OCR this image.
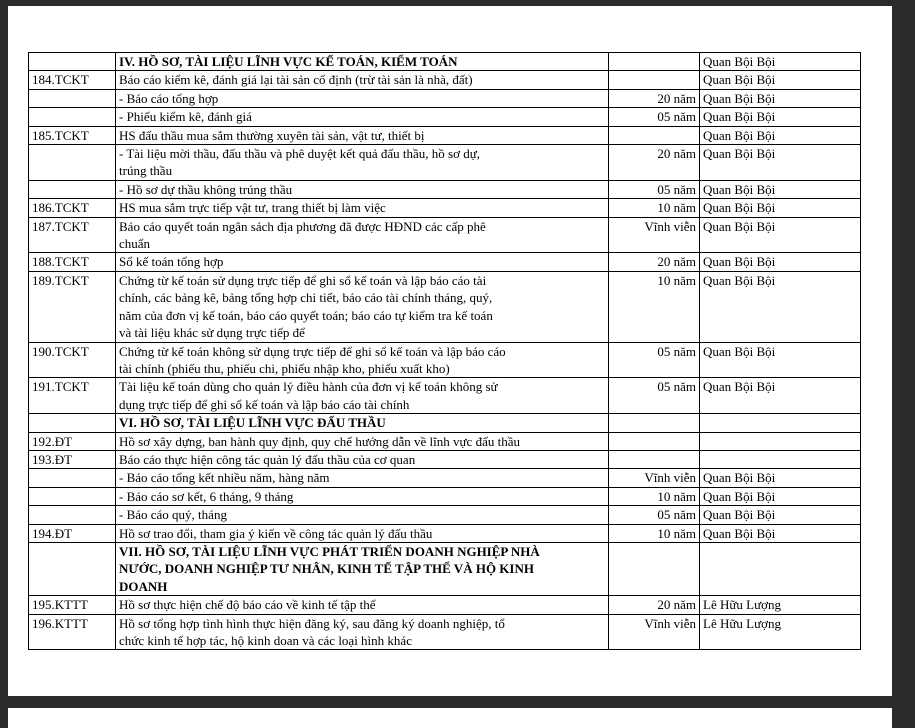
	IV. HỒ SƠ, TÀI LIỆU LĨNH VỰC KẾ TOÁN, KIỂM TOÁN		Quan Bội Bội
184.TCKT	Báo cáo kiểm kê, đánh giá lại tài sản cố định (trừ tài sản là nhà, đất)		Quan Bội Bội

	- Báo cáo tổng hợp	20 năm	Quan Bội Bội

	- Phiếu kiểm kê, đánh giá	05 năm	Quan Bội Bội
185.TCKT	HS đấu thầu mua sắm thường xuyên tài sản, vật tư, thiết bị		Quan Bội Bội

	- Tài liệu mời thầu, đấu thầu và phê duyệt kết quả đấu thầu, hồ sơ dự,
trúng thầu	20 năm	Quan Bội Bội

	- Hồ sơ dự thầu không trúng thầu	05 năm	Quan Bội Bội
186.TCKT	HS mua sắm trực tiếp vật tư, trang thiết bị làm việc	10 năm	Quan Bội Bội
187.TCKT	Báo cáo quyết toán ngân sách địa phương đã được HĐND các cấp phê
chuẩn	Vĩnh viễn	Quan Bội Bội
188.TCKT	Sổ kế toán tổng hợp	20 năm	Quan Bội Bội
189.TCKT	Chứng từ kế toán sử dụng trực tiếp để ghi sổ kế toán và lập báo cáo tài
chính, các bảng kê, bảng tổng hợp chi tiết, báo cáo tài chính tháng, quý,
năm của đơn vị kế toán, báo cáo quyết toán; báo cáo tự kiểm tra kế toán
và tài liệu khác sử dụng trực tiếp để	10 năm	Quan Bội Bội
190.TCKT	Chứng từ kế toán không sử dụng trực tiếp để ghi sổ kế toán và lập báo cáo
tài chính (phiếu thu, phiếu chi, phiếu nhập kho, phiếu xuất kho)	05 năm	Quan Bội Bội
191.TCKT	Tài liệu kế toán dùng cho quản lý điều hành của đơn vị kế toán không sử
dụng trực tiếp để ghi sổ kế toán và lập báo cáo tài chính	05 năm	Quan Bội Bội

	VI. HỒ SƠ, TÀI LIỆU LĨNH VỰC ĐẤU THẦU		

192.ĐT	Hồ sơ xây dựng, ban hành quy định, quy chế hướng dẫn về lĩnh vực đấu thầu		

193.ĐT	Báo cáo thực hiện công tác quản lý đấu thầu của cơ quan		

	- Báo cáo tổng kết nhiều năm, hàng năm	Vĩnh viễn	Quan Bội Bội

	- Báo cáo sơ kết, 6 tháng, 9 tháng	10 năm	Quan Bội Bội

	- Báo cáo quý, tháng	05 năm	Quan Bội Bội
194.ĐT	Hồ sơ trao đổi, tham gia ý kiến về công tác quản lý đấu thầu	10 năm	Quan Bội Bội

	VII. HỒ SƠ, TÀI LIỆU LĨNH VỰC PHÁT TRIỂN DOANH NGHIỆP NHÀ
NƯỚC, DOANH NGHIỆP TƯ NHÂN, KINH TẾ TẬP THỂ VÀ HỘ KINH
DOANH		

195.KTTT	Hồ sơ thực hiện chế độ báo cáo về kinh tế tập thể	20 năm	Lê Hữu Lượng
196.KTTT	Hồ sơ tổng hợp tình hình thực hiện đăng ký, sau đăng ký doanh nghiệp, tổ
chức kinh tế hợp tác, hộ kinh doan và các loại hình khác	Vĩnh viễn	Lê Hữu Lượng
